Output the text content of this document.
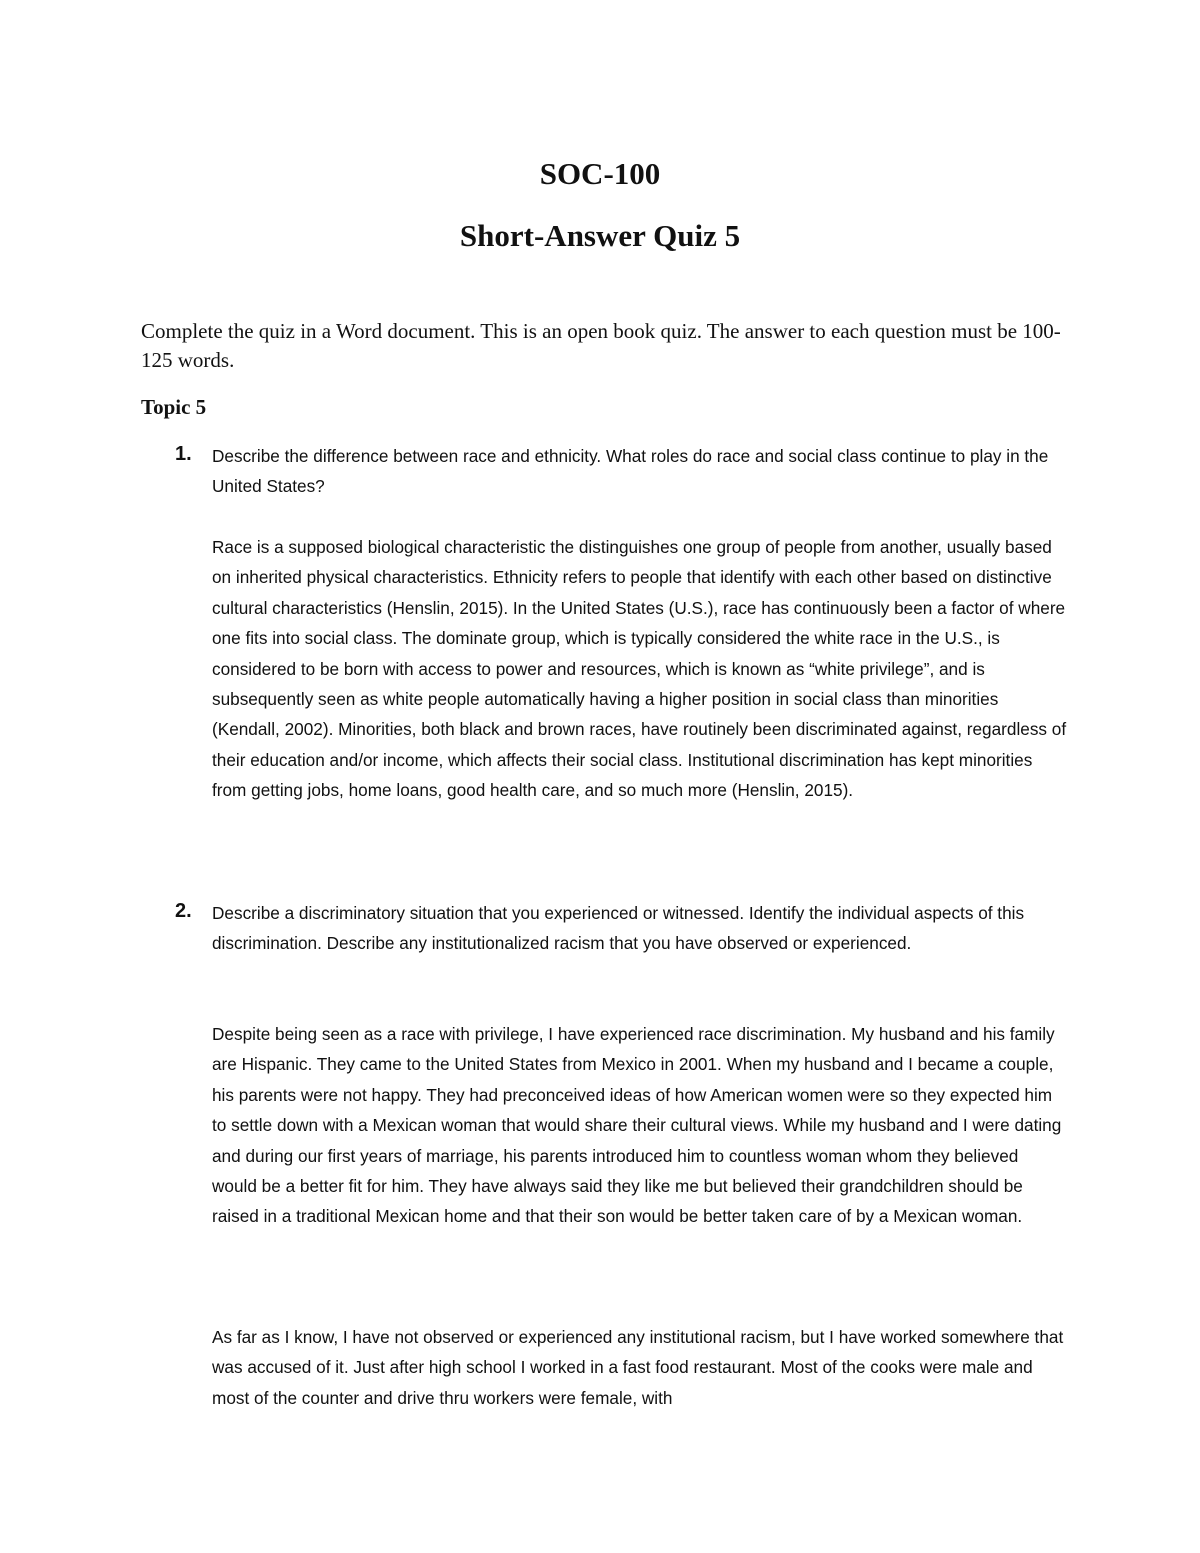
SOC-100
Short-Answer Quiz 5

Complete the quiz in a Word document. This is an open book quiz. The answer to each question must be 100-125 words.

Topic 5
1. Describe the difference between race and ethnicity. What roles do race and social class continue to play in the United States?

Race is a supposed biological characteristic the distinguishes one group of people from another, usually based on inherited physical characteristics. Ethnicity refers to people that identify with each other based on distinctive cultural characteristics (Henslin, 2015). In the United States (U.S.), race has continuously been a factor of where one fits into social class. The dominate group, which is typically considered the white race in the U.S., is considered to be born with access to power and resources, which is known as “white privilege”, and is subsequently seen as white people automatically having a higher position in social class than minorities (Kendall, 2002). Minorities, both black and brown races, have routinely been discriminated against, regardless of their education and/or income, which affects their social class. Institutional discrimination has kept minorities from getting jobs, home loans, good health care, and so much more (Henslin, 2015).

2. Describe a discriminatory situation that you experienced or witnessed. Identify the individual aspects of this discrimination. Describe any institutionalized racism that you have observed or experienced.

Despite being seen as a race with privilege, I have experienced race discrimination. My husband and his family are Hispanic. They came to the United States from Mexico in 2001. When my husband and I became a couple, his parents were not happy. They had preconceived ideas of how American women were so they expected him to settle down with a Mexican woman that would share their cultural views. While my husband and I were dating and during our first years of marriage, his parents introduced him to countless woman whom they believed would be a better fit for him. They have always said they like me but believed their grandchildren should be raised in a traditional Mexican home and that their son would be better taken care of by a Mexican woman.

As far as I know, I have not observed or experienced any institutional racism, but I have worked somewhere that was accused of it. Just after high school I worked in a fast food restaurant. Most of the cooks were male and most of the counter and drive thru workers were female, with
